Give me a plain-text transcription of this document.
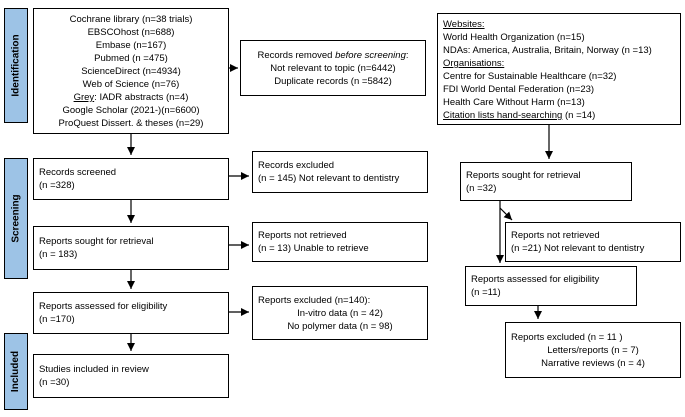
Identification
Screening
Included
Cochrane library (n=38 trials)
EBSCOhost (n=688)
Embase (n=167)
Pubmed (n =475)
ScienceDirect (n=4934)
Web of Science (n=76)
Grey: IADR abstracts (n=4)
Google Scholar (2021-)(n=6600)
ProQuest Dissert. & theses (n=29)
Records removed before screening:
Not relevant to topic (n=6442)
Duplicate records (n =5842)
Websites:
World Health Organization (n=15)
NDAs: America, Australia, Britain, Norway (n =13)
Organisations:
Centre for Sustainable Healthcare (n=32)
FDI World Dental Federation (n=23)
Health Care Without Harm (n=13)
Citation lists hand-searching (n =14)
Records screened
(n =328)
Records excluded
(n = 145) Not relevant to dentistry
Reports sought for retrieval
(n = 183)
Reports not retrieved
(n = 13) Unable to retrieve
Reports assessed for eligibility
(n =170)
Reports excluded (n=140):
In-vitro data (n = 42)
No polymer data (n = 98)
Studies included in review
(n =30)
Reports sought for retrieval
(n =32)
Reports not retrieved
(n =21) Not relevant to dentistry
Reports assessed for eligibility
(n =11)
Reports excluded (n = 11 )
Letters/reports (n = 7)
Narrative reviews (n = 4)
